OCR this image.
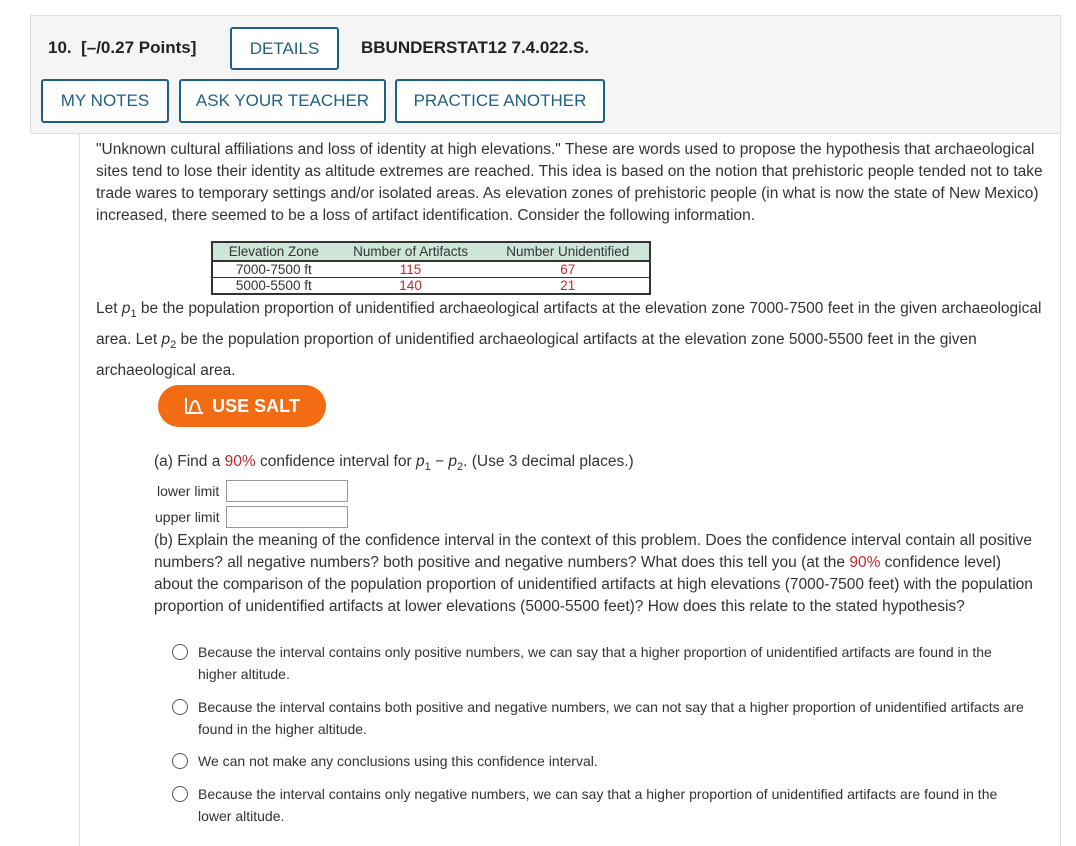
10. [–/0.27 Points]	DETAILS	BBUNDERSTAT12 7.4.022.S.
MY NOTES	ASK YOUR TEACHER	PRACTICE ANOTHER
"Unknown cultural affiliations and loss of identity at high elevations." These are words used to propose the hypothesis that archaeological sites tend to lose their identity as altitude extremes are reached. This idea is based on the notion that prehistoric people tended not to take trade wares to temporary settings and/or isolated areas. As elevation zones of prehistoric people (in what is now the state of New Mexico) increased, there seemed to be a loss of artifact identification. Consider the following information.
Elevation Zone	Number of Artifacts	Number Unidentified
7000-7500 ft	115	67
5000-5500 ft	140	21
Let $p_1$ be the population proportion of unidentified archaeological artifacts at the elevation zone 7000-7500 feet in the given archaeological area. Let $p_2$ be the population proportion of unidentified archaeological artifacts at the elevation zone 5000-5500 feet in the given archaeological area.
USE SALT
(a) Find a 90% confidence interval for $p_1 - p_2$. (Use 3 decimal places.)
lower limit
upper limit
(b) Explain the meaning of the confidence interval in the context of this problem. Does the confidence interval contain all positive numbers? all negative numbers? both positive and negative numbers? What does this tell you (at the 90% confidence level) about the comparison of the population proportion of unidentified artifacts at high elevations (7000-7500 feet) with the population proportion of unidentified artifacts at lower elevations (5000-5500 feet)? How does this relate to the stated hypothesis?
Because the interval contains only positive numbers, we can say that a higher proportion of unidentified artifacts are found in the higher altitude.
Because the interval contains both positive and negative numbers, we can not say that a higher proportion of unidentified artifacts are found in the higher altitude.
We can not make any conclusions using this confidence interval.
Because the interval contains only negative numbers, we can say that a higher proportion of unidentified artifacts are found in the lower altitude.
